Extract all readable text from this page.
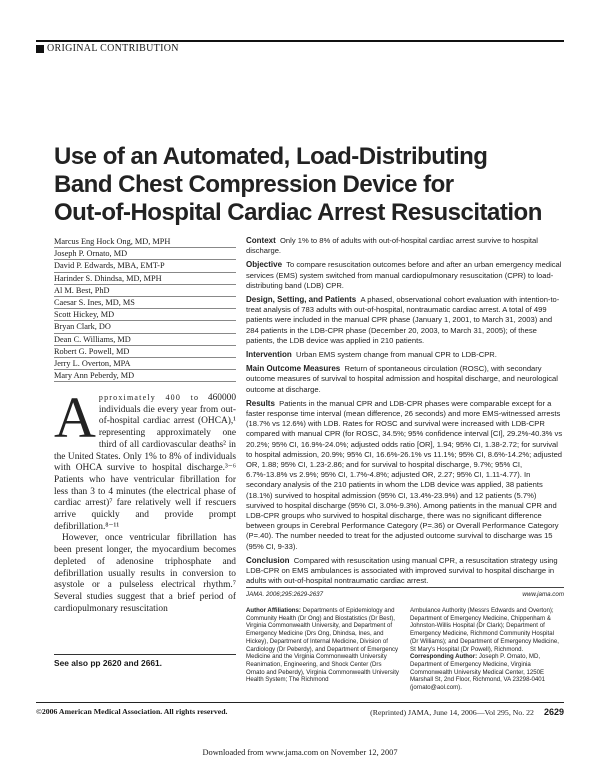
ORIGINAL CONTRIBUTION
Use of an Automated, Load-Distributing
Band Chest Compression Device for
Out-of-Hospital Cardiac Arrest Resuscitation
Marcus Eng Hock Ong, MD, MPH
Joseph P. Ornato, MD
David P. Edwards, MBA, EMT-P
Harinder S. Dhindsa, MD, MPH
Al M. Best, PhD
Caesar S. Ines, MD, MS
Scott Hickey, MD
Bryan Clark, DO
Dean C. Williams, MD
Robert G. Powell, MD
Jerry L. Overton, MPA
Mary Ann Peberdy, MD

Approximately 400 to 460000 individuals die every year from out-of-hospital cardiac arrest (OHCA),¹ representing approximately one third of all cardiovascular deaths² in the United States. Only 1% to 8% of individuals with OHCA survive to hospital discharge.³⁻⁶ Patients who have ventricular fibrillation for less than 3 to 4 minutes (the electrical phase of cardiac arrest)⁷ fare relatively well if rescuers arrive quickly and provide prompt defibrillation.⁸⁻¹¹

However, once ventricular fibrillation has been present longer, the myocardium becomes depleted of adenosine triphosphate and defibrillation usually results in conversion to asystole or a pulseless electrical rhythm.⁷ Several studies suggest that a brief period of cardiopulmonary resuscitation

See also pp 2620 and 2661.

Context Only 1% to 8% of adults with out-of-hospital cardiac arrest survive to hospital discharge.

Objective To compare resuscitation outcomes before and after an urban emergency medical services (EMS) system switched from manual cardiopulmonary resuscitation (CPR) to load-distributing band (LDB) CPR.

Design, Setting, and Patients A phased, observational cohort evaluation with intention-to-treat analysis of 783 adults with out-of-hospital, nontraumatic cardiac arrest. A total of 499 patients were included in the manual CPR phase (January 1, 2001, to March 31, 2003) and 284 patients in the LDB-CPR phase (December 20, 2003, to March 31, 2005); of these patients, the LDB device was applied in 210 patients.

Intervention Urban EMS system change from manual CPR to LDB-CPR.

Main Outcome Measures Return of spontaneous circulation (ROSC), with secondary outcome measures of survival to hospital admission and hospital discharge, and neurological outcome at discharge.

Results Patients in the manual CPR and LDB-CPR phases were comparable except for a faster response time interval (mean difference, 26 seconds) and more EMS-witnessed arrests (18.7% vs 12.6%) with LDB. Rates for ROSC and survival were increased with LDB-CPR compared with manual CPR (for ROSC, 34.5%; 95% confidence interval [CI], 29.2%-40.3% vs 20.2%; 95% CI, 16.9%-24.0%; adjusted odds ratio [OR], 1.94; 95% CI, 1.38-2.72; for survival to hospital admission, 20.9%; 95% CI, 16.6%-26.1% vs 11.1%; 95% CI, 8.6%-14.2%; adjusted OR, 1.88; 95% CI, 1.23-2.86; and for survival to hospital discharge, 9.7%; 95% CI, 6.7%-13.8% vs 2.9%; 95% CI, 1.7%-4.8%; adjusted OR, 2.27; 95% CI, 1.11-4.77). In secondary analysis of the 210 patients in whom the LDB device was applied, 38 patients (18.1%) survived to hospital admission (95% CI, 13.4%-23.9%) and 12 patients (5.7%) survived to hospital discharge (95% CI, 3.0%-9.3%). Among patients in the manual CPR and LDB-CPR groups who survived to hospital discharge, there was no significant difference between groups in Cerebral Performance Category (P=.36) or Overall Performance Category (P=.40). The number needed to treat for the adjusted outcome survival to discharge was 15 (95% CI, 9-33).

Conclusion Compared with resuscitation using manual CPR, a resuscitation strategy using LDB-CPR on EMS ambulances is associated with improved survival to hospital discharge in adults with out-of-hospital nontraumatic cardiac arrest.

JAMA. 2006;295:2629-2637	www.jama.com
Author Affiliations: Departments of Epidemiology and Community Health (Dr Ong) and Biostatistics (Dr Best), Virginia Commonwealth University, and Department of Emergency Medicine (Drs Ong, Dhindsa, Ines, and Hickey), Department of Internal Medicine, Division of Cardiology (Dr Peberdy), and Department of Emergency Medicine and the Virginia Commonwealth University Reanimation, Engineering, and Shock Center (Drs Ornato and Peberdy), Virginia Commonwealth University Health System; The Richmond
Ambulance Authority (Messrs Edwards and Overton); Department of Emergency Medicine, Chippenham & Johnston-Willis Hospital (Dr Clark); Department of Emergency Medicine, Richmond Community Hospital (Dr Williams); and Department of Emergency Medicine, St Mary's Hospital (Dr Powell), Richmond.
Corresponding Author: Joseph P. Ornato, MD, Department of Emergency Medicine, Virginia Commonwealth University Medical Center, 1250E Marshall St, 2nd Floor, Richmond, VA 23298-0401 (jornato@aol.com).
©2006 American Medical Association. All rights reserved.	(Reprinted) JAMA, June 14, 2006—Vol 295, No. 22 2629
Downloaded from www.jama.com on November 12, 2007
